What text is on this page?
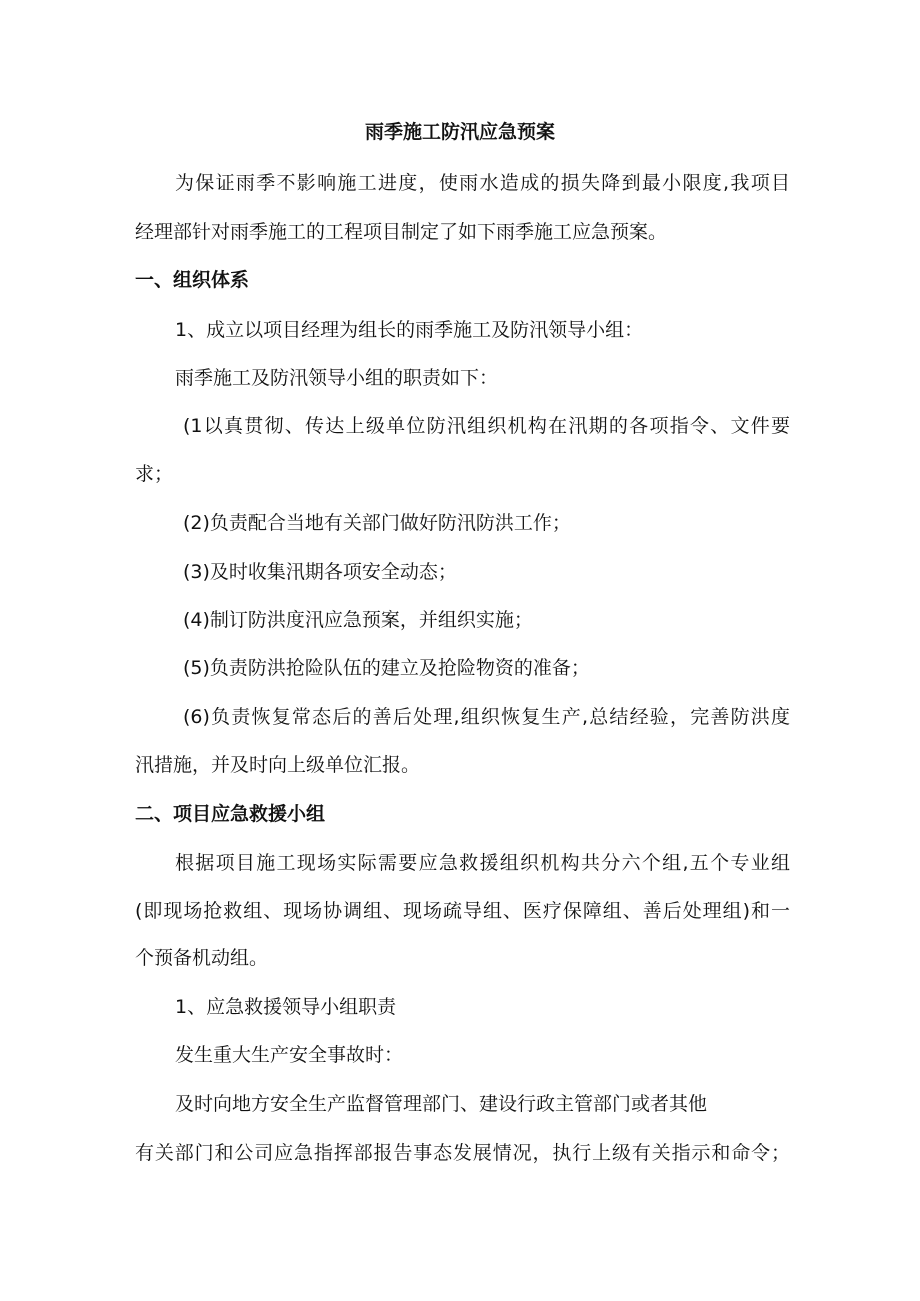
雨季施工防汛应急预案
为保证雨季不影响施工进度，使雨水造成的损失降到最小限度,我项目
经理部针对雨季施工的工程项目制定了如下雨季施工应急预案。
一、组织体系
1、成立以项目经理为组长的雨季施工及防汛领导小组：
雨季施工及防汛领导小组的职责如下：
(1以真贯彻、传达上级单位防汛组织机构在汛期的各项指令、文件要
求；
(2)负责配合当地有关部门做好防汛防洪工作；
(3)及时收集汛期各项安全动态；
(4)制订防洪度汛应急预案，并组织实施；
(5)负责防洪抢险队伍的建立及抢险物资的准备；
(6)负责恢复常态后的善后处理,组织恢复生产,总结经验，完善防洪度
汛措施，并及时向上级单位汇报。
二、项目应急救援小组
根据项目施工现场实际需要应急救援组织机构共分六个组,五个专业组
(即现场抢救组、现场协调组、现场疏导组、医疗保障组、善后处理组)和一
个预备机动组。
1、应急救援领导小组职责
发生重大生产安全事故时：
及时向地方安全生产监督管理部门、建设行政主管部门或者其他
有关部门和公司应急指挥部报告事态发展情况，执行上级有关指示和命令；
